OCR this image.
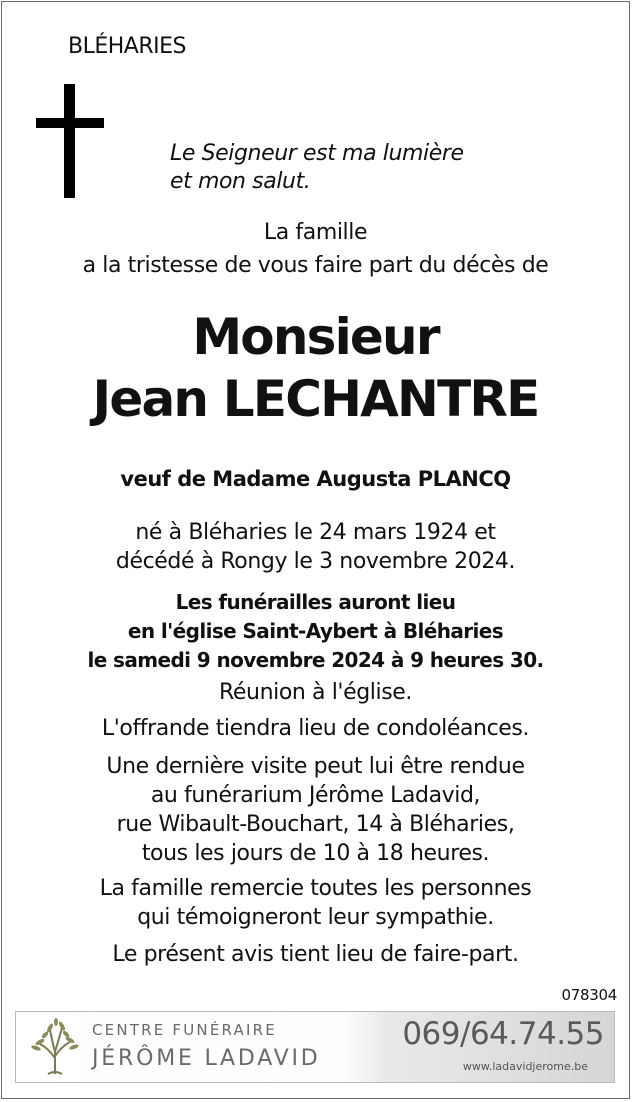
BLÉHARIES
Le Seigneur est ma lumière
et mon salut.
La famille
a la tristesse de vous faire part du décès de
Monsieur
Jean LECHANTRE
veuf de Madame Augusta PLANCQ
né à Bléharies le 24 mars 1924 et
décédé à Rongy le 3 novembre 2024.
Les funérailles auront lieu
en l'église Saint-Aybert à Bléharies
le samedi 9 novembre 2024 à 9 heures 30.
Réunion à l'église.
L'offrande tiendra lieu de condoléances.
Une dernière visite peut lui être rendue
au funérarium Jérôme Ladavid,
rue Wibault-Bouchart, 14 à Bléharies,
tous les jours de 10 à 18 heures.
La famille remercie toutes les personnes
qui témoigneront leur sympathie.
Le présent avis tient lieu de faire-part.
078304
CENTRE FUNÉRAIRE
JÉRÔME LADAVID
069/64.74.55
www.ladavidjerome.be
